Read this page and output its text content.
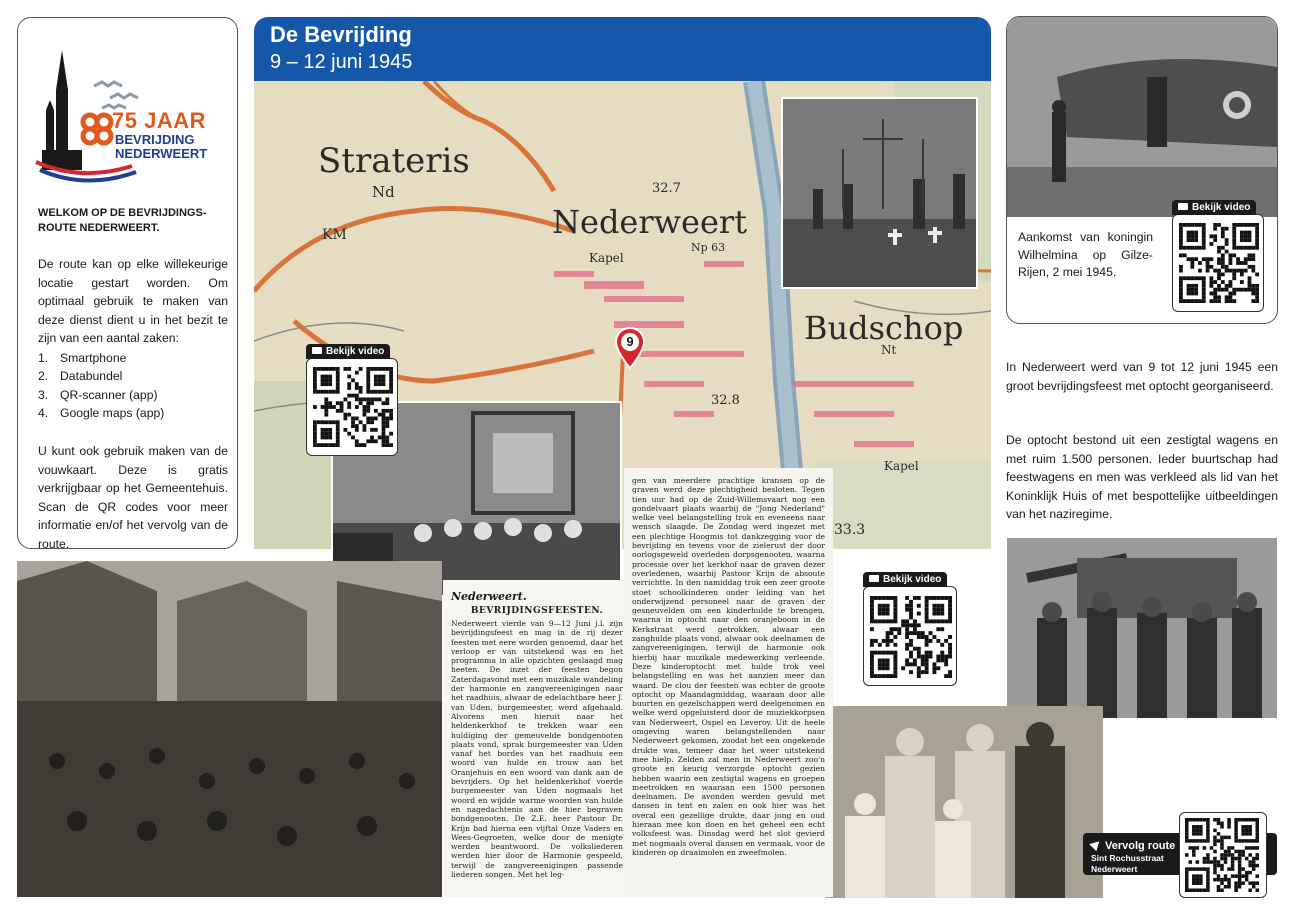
75 JAAR
BEVRIJDING
NEDERWEERT
WELKOM OP DE BEVRIJDINGS-ROUTE NEDERWEERT.
De route kan op elke willekeurige locatie gestart worden. Om optimaal gebruik te maken van deze dienst dient u in het bezit te zijn van een aantal zaken:
1. Smartphone
2. Databundel
3. QR-scanner (app)
4. Google maps (app)
U kunt ook gebruik maken van de vouwkaart. Deze is gratis verkrijgbaar op het Gemeentehuis. Scan de QR codes voor meer informatie en/of het vervolg van de route.
De Bevrijding
9 – 12 juni 1945
Strateris
Nd
Nederweert
Budschop
KM
Kapel
Kapel
Nt
32.7
32.8
33.3
Np 63
9
Aankomst van koningin Wilhelmina op Gilze-Rijen, 2 mei 1945.
Nederweert.
BEVRIJDINGSFEESTEN.
Nederweert vierde van 9—12 Juni j.l. zijn bevrijdingsfeest en mag in de rij dezer feesten met eere worden genoemd, daar het verloop er van uitstekend was en het programma in alle opzichten geslaagd mag heeten. De inzet der feesten begon Zaterdagavond met een muzikale wandeling der harmonie en zangvereenigingen naar het raadhuis, alwaar de edelachtbare heer J. van Uden, burgemeester, werd afgehaald. Alvorens men hieruit naar het heldenkerkhof te trekken waar een huldiging der gemeuvelde bondgenooten plaats vond, sprak burgemeester van Uden vanaf het bordes van het raadhuis een woord van hulde en trouw aan het Oranjehuis en een woord van dank aan de bevrijders. Op het heldenkerkhof voerde burgemeester van Uden nogmaals het woord en wijdde warme woorden van hulde en nagedachtenis aan de hier begraven bondgenooten. De Z.E. heer Pastoor Dr. Krijn bad hierna een vijftal Onze Vaders en Wees-Gegroeten, welke door de menigte werden beantwoord. De volksliederen werden hier door de Harmonie gespeeld, terwijl de zangvereenigingen passende liederen songen. Met het leg-
gen van meerdere prachtige kransen op de graven werd deze plechtigheid besloten. Tegen tien uur had op de Zuid-Willemsvaart nog een gondelvaart plaats waarbij de "Jong Nederland" welke veel belangstelling trok en eveneens naar wensch slaagde. De Zondag werd ingezet met een plechtige Hoogmis tot dankzegging voor de bevrijding en tevens voor de zielerust der door oorlogsgeweld overleden dorpsgenooten, waarna processie over het kerkhof naar de graven dezer overledenen, waarbij Pastoor Krijn de absoute verrichtte. In den namiddag trok een zeer groote stoet schoolkinderen onder leiding van het onderwijzend personeel naar de graven der gesneuvelden om een kinderhulde te brengen, waarna in optocht naar den oranjeboom in de Kerkstraat werd getrokken, alwaar een zanghulde plaats vond, alwaar ook deelnamen de zangvereenigingen, terwijl de harmonie ook hierbij haar muzikale medewerking verleende. Deze kinderoptocht met hulde trok veel belangstelling en was het aanzien meer dan waard. De clou der feesten was echter de groote optocht op Maandagmiddag, waaraan door alle buurten en gezelschappen werd deelgenomen en welke werd opgeluisterd door de muziekkorpsen van Nederweert, Ospel en Leveroy. Uit de heele omgeving waren belangstellenden naar Nederweert gekomen, zoodat het een ongekende drukte was, temeer daar het weer uitstekend mee hielp. Zelden zal men in Nederweert zoo'n groote en keurig verzorgde optocht gezien hebben waarin een zestigtal wagens en groepen meetrokken en waaraan een 1500 personen deelnamen. De avonden werden gevuld met dansen in tent en zalen en ook hier was het overal een gezellige drukte, daar jong en oud hieraan mee kon doen en het geheel een echt volksfeest was. Dinsdag werd het slot gevierd met nogmaals overal dansen en vermaak, voor de kinderen op draaimolen en zweefmolen.
Bekijk video
Bekijk video
Bekijk video
In Nederweert werd van 9 tot 12 juni 1945 een groot bevrijdingsfeest met optocht georganiseerd.
De optocht bestond uit een zestigtal wagens en met ruim 1.500 personen. Ieder buurtschap had feestwagens en men was verkleed als lid van het Koninklijk Huis of met bespottelijke uitbeeldingen van het naziregime.
Vervolg route
Sint Rochusstraat
Nederweert
